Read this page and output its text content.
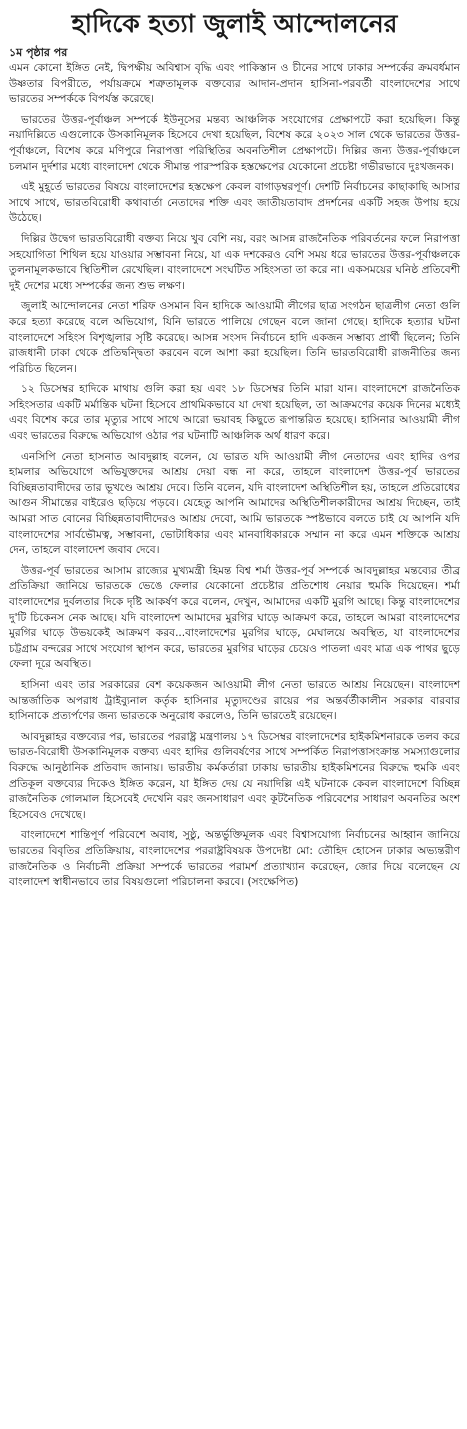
হাদিকে হত্যা জুলাই আন্দোলনের
১ম পৃষ্ঠার পর

এমন কোনো ইঙ্গিত নেই, দ্বিপক্ষীয় অবিশ্বাস বৃদ্ধি এবং পাকিস্তান ও চীনের সাথে ঢাকার সম্পর্কের ক্রমবর্ধমান উষ্ণতার বিপরীতে, পর্যায়ক্রমে শত্রুতামূলক বক্তব্যের আদান-প্রদান হাসিনা-পরবর্তী বাংলাদেশের সাথে ভারতের সম্পর্ককে বিপর্যস্ত করেছে।

ভারতের উত্তর-পূর্বাঞ্চল সম্পর্কে ইউনূসের মন্তব্য আঞ্চলিক সংযোগের প্রেক্ষাপটে করা হয়েছিল। কিন্তু নয়াদিল্লিতে এগুলোকে উসকানিমূলক হিসেবে দেখা হয়েছিল, বিশেষ করে ২০২৩ সাল থেকে ভারতের উত্তর-পূর্বাঞ্চলে, বিশেষ করে মণিপুরে নিরাপত্তা পরিস্থিতির অবনতিশীল প্রেক্ষাপটে। দিল্লির জন্য উত্তর-পূর্বাঞ্চলে চলমান দুর্দশার মধ্যে বাংলাদেশ থেকে সীমান্ত পারস্পরিক হস্তক্ষেপের যেকোনো প্রচেষ্টা গভীরভাবে দুঃখজনক।

এই মুহূর্তে ভারতের বিষয়ে বাংলাদেশের হস্তক্ষেপ কেবল বাগাড়ম্বরপূর্ণ। দেশটি নির্বাচনের কাছাকাছি আসার সাথে সাথে, ভারতবিরোধী কথাবার্তা নেতাদের শক্তি এবং জাতীয়তাবাদ প্রদর্শনের একটি সহজ উপায় হয়ে উঠেছে।

দিল্লির উদ্বেগ ভারতবিরোধী বক্তব্য নিয়ে খুব বেশি নয়, বরং আসন্ন রাজনৈতিক পরিবর্তনের ফলে নিরাপত্তা সহযোগিতা শিথিল হয়ে যাওয়ার সম্ভাবনা নিয়ে, যা এক দশকেরও বেশি সময় ধরে ভারতের উত্তর-পূর্বাঞ্চলকে তুলনামূলকভাবে স্থিতিশীল রেখেছিল। বাংলাদেশে সংঘটিত সহিংসতা তা করে না। একসময়ের ঘনিষ্ঠ প্রতিবেশী দুই দেশের মধ্যে সম্পর্কের জন্য শুভ লক্ষণ।

জুলাই আন্দোলনের নেতা শরিফ ওসমান বিন হাদিকে আওয়ামী লীগের ছাত্র সংগঠন ছাত্রলীগ নেতা গুলি করে হত্যা করেছে বলে অভিযোগ, যিনি ভারতে পালিয়ে গেছেন বলে জানা গেছে। হাদিকে হত্যার ঘটনা বাংলাদেশে সহিংস বিশৃঙ্খলার সৃষ্টি করেছে। আসন্ন সংসদ নির্বাচনে হাদি একজন সম্ভাব্য প্রার্থী ছিলেন; তিনি রাজধানী ঢাকা থেকে প্রতিদ্বন্দ্বিতা করবেন বলে আশা করা হয়েছিল। তিনি ভারতবিরোধী রাজনীতির জন্য পরিচিত ছিলেন।

১২ ডিসেম্বর হাদিকে মাথায় গুলি করা হয় এবং ১৮ ডিসেম্বর তিনি মারা যান। বাংলাদেশে রাজনৈতিক সহিংসতার একটি মর্মান্তিক ঘটনা হিসেবে প্রাথমিকভাবে যা দেখা হয়েছিল, তা আক্রমণের কয়েক দিনের মধ্যেই এবং বিশেষ করে তার মৃত্যুর সাথে সাথে আরো ভয়াবহ কিছুতে রূপান্তরিত হয়েছে। হাসিনার আওয়ামী লীগ এবং ভারতের বিরুদ্ধে অভিযোগ ওঠার পর ঘটনাটি আঞ্চলিক অর্থ ধারণ করে।

এনসিপি নেতা হাসনাত আবদুল্লাহ বলেন, যে ভারত যদি আওয়ামী লীগ নেতাদের এবং হাদির ওপর হামলার অভিযোগে অভিযুক্তদের আশ্রয় দেয়া বন্ধ না করে, তাহলে বাংলাদেশ উত্তর-পূর্ব ভারতের বিচ্ছিন্নতাবাদীদের তার ভূখণ্ডে আশ্রয় দেবে। তিনি বলেন, যদি বাংলাদেশ অস্থিতিশীল হয়, তাহলে প্রতিরোধের আগুন সীমান্তের বাইরেও ছড়িয়ে পড়বে। যেহেতু আপনি আমাদের অস্থিতিশীলকারীদের আশ্রয় দিচ্ছেন, তাই আমরা সাত বোনের বিচ্ছিন্নতাবাদীদেরও আশ্রয় দেবো, আমি ভারতকে স্পষ্টভাবে বলতে চাই যে আপনি যদি বাংলাদেশের সার্বভৌমত্ব, সম্ভাবনা, ভোটাধিকার এবং মানবাধিকারকে সম্মান না করে এমন শক্তিকে আশ্রয় দেন, তাহলে বাংলাদেশ জবাব দেবে।

উত্তর-পূর্ব ভারতের আসাম রাজ্যের মুখ্যমন্ত্রী হিমন্ত বিশ্ব শর্মা উত্তর-পূর্ব সম্পর্কে আবদুল্লাহর মন্তব্যের তীব্র প্রতিক্রিয়া জানিয়ে ভারতকে ভেঙে ফেলার যেকোনো প্রচেষ্টার প্রতিশোধ নেয়ার হুমকি দিয়েছেন। শর্মা বাংলাদেশের দুর্বলতার দিকে দৃষ্টি আকর্ষণ করে বলেন, দেখুন, আমাদের একটি মুরগি আছে। কিন্তু বাংলাদেশের দু'টি চিকেনস নেক আছে। যদি বাংলাদেশ আমাদের মুরগির ঘাড়ে আক্রমণ করে, তাহলে আমরা বাংলাদেশের মুরগির ঘাড়ে উভয়কেই আক্রমণ করব...বাংলাদেশের মুরগির ঘাড়ে, মেঘালয়ে অবস্থিত, যা বাংলাদেশের চট্টগ্রাম বন্দরের সাথে সংযোগ স্থাপন করে, ভারতের মুরগির ঘাড়ের চেয়েও পাতলা এবং মাত্র এক পাথর ছুড়ে ফেলা দূরে অবস্থিত।

হাসিনা এবং তার সরকারের বেশ কয়েকজন আওয়ামী লীগ নেতা ভারতে আশ্রয় নিয়েছেন। বাংলাদেশ আন্তর্জাতিক অপরাধ ট্রাইব্যুনাল কর্তৃক হাসিনার মৃত্যুদণ্ডের রায়ের পর অন্তর্বর্তীকালীন সরকার বারবার হাসিনাকে প্রত্যর্পণের জন্য ভারতকে অনুরোধ করলেও, তিনি ভারতেই রয়েছেন।

আবদুল্লাহর বক্তব্যের পর, ভারতের পররাষ্ট্র মন্ত্রণালয় ১৭ ডিসেম্বর বাংলাদেশের হাইকমিশনারকে তলব করে ভারত-বিরোধী উসকানিমূলক বক্তব্য এবং হাদির গুলিবর্ষণের সাথে সম্পর্কিত নিরাপত্তাসংক্রান্ত সমস্যাগুলোর বিরুদ্ধে আনুষ্ঠানিক প্রতিবাদ জানায়। ভারতীয় কর্মকর্তারা ঢাকায় ভারতীয় হাইকমিশনের বিরুদ্ধে হুমকি এবং প্রতিকূল বক্তব্যের দিকেও ইঙ্গিত করেন, যা ইঙ্গিত দেয় যে নয়াদিল্লি এই ঘটনাকে কেবল বাংলাদেশে বিচ্ছিন্ন রাজনৈতিক গোলমাল হিসেবেই দেখেনি বরং জনসাধারণ এবং কূটনৈতিক পরিবেশের সাধারণ অবনতির অংশ হিসেবেও দেখেছে।

বাংলাদেশে শান্তিপূর্ণ পরিবেশে অবাধ, সুষ্ঠু, অন্তর্ভুক্তিমূলক এবং বিশ্বাসযোগ্য নির্বাচনের আহ্বান জানিয়ে ভারতের বিবৃতির প্রতিক্রিয়ায়, বাংলাদেশের পররাষ্ট্রবিষয়ক উপদেষ্টা মো: তৌহিদ হোসেন ঢাকার অভ্যন্তরীণ রাজনৈতিক ও নির্বাচনী প্রক্রিয়া সম্পর্কে ভারতের পরামর্শ প্রত্যাখ্যান করেছেন, জোর দিয়ে বলেছেন যে বাংলাদেশ স্বাধীনভাবে তার বিষয়গুলো পরিচালনা করবে। (সংক্ষেপিত)
